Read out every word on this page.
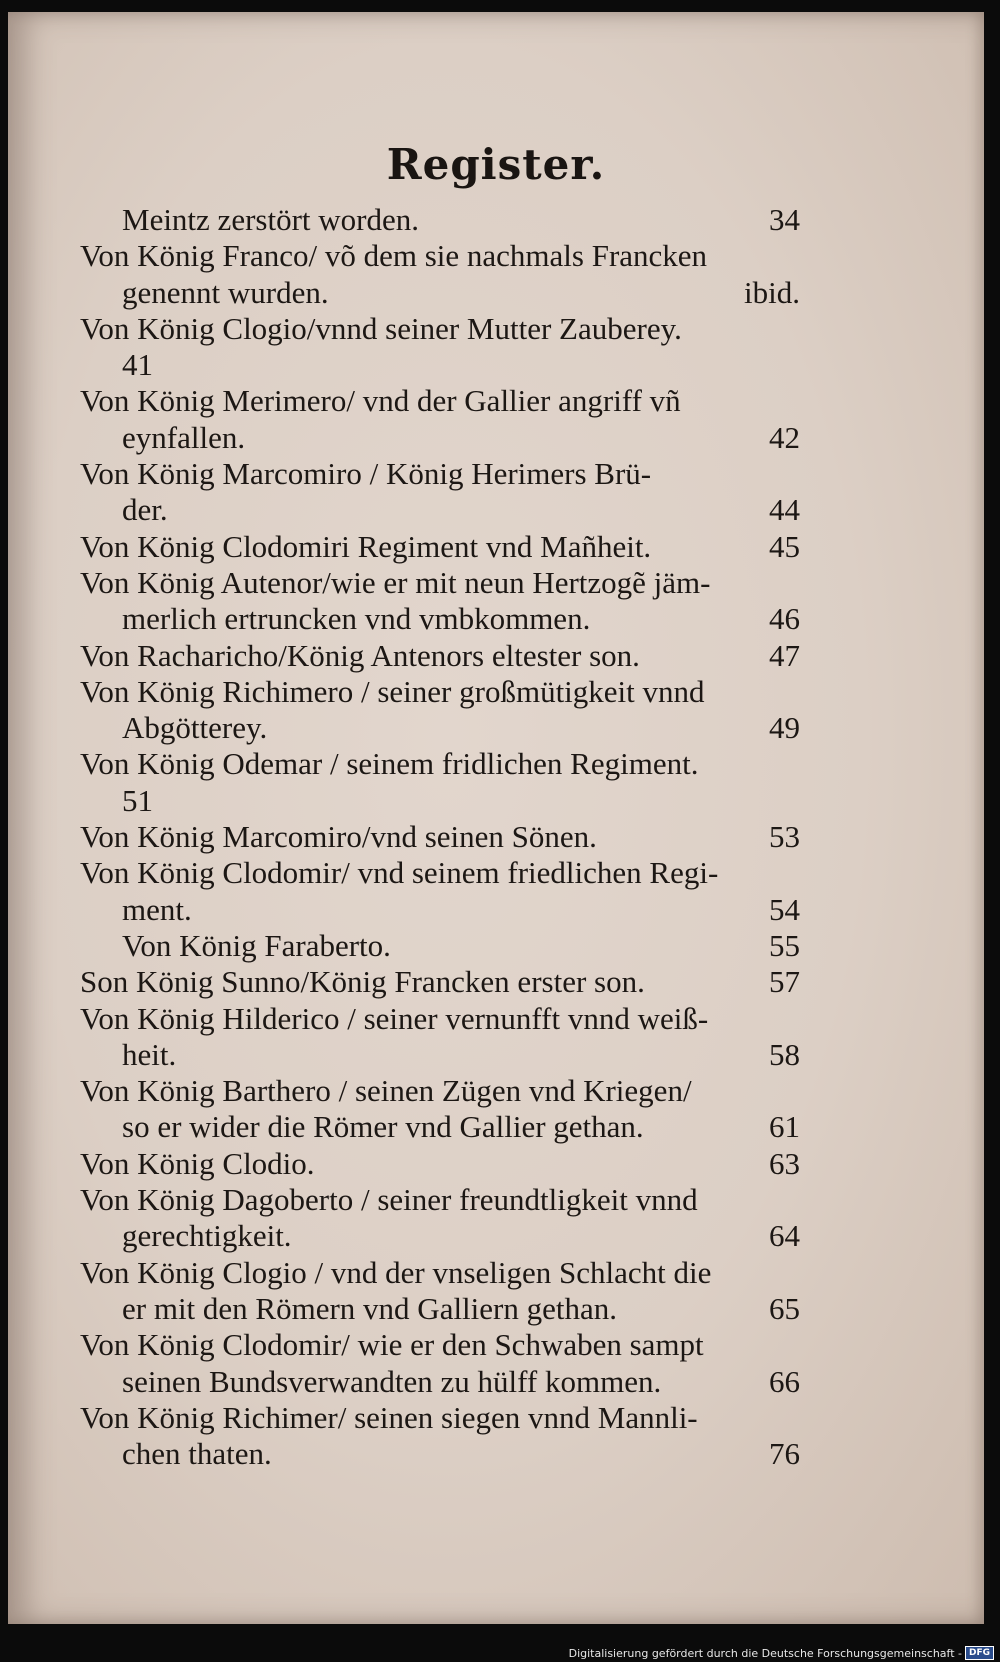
Register.
Meintz zerstört worden.	34
Von König Franco/ võ dem sie nachmals Francken
genennt wurden.	ibid.
Von König Clogio/vnnd seiner Mutter Zauberey.
41
Von König Merimero/ vnd der Gallier angriff vñ
eynfallen.	42
Von König Marcomiro / König Herimers Brü-
der.	44
Von König Clodomiri Regiment vnd Mañheit.	45
Von König Autenor/wie er mit neun Hertzogẽ jäm-
merlich ertruncken vnd vmbkommen.	46
Von Racharicho/König Antenors eltester son.	47
Von König Richimero / seiner großmütigkeit vnnd
Abgötterey.	49
Von König Odemar / seinem fridlichen Regiment.
51
Von König Marcomiro/vnd seinen Sönen.	53
Von König Clodomir/ vnd seinem friedlichen Regi-
ment.	54
Von König Faraberto.	55
Son König Sunno/König Francken erster son.	57
Von König Hilderico / seiner vernunfft vnnd weiß-
heit.	58
Von König Barthero / seinen Zügen vnd Kriegen/
so er wider die Römer vnd Gallier gethan.	61
Von König Clodio.	63
Von König Dagoberto / seiner freundtligkeit vnnd
gerechtigkeit.	64
Von König Clogio / vnd der vnseligen Schlacht die
er mit den Römern vnd Galliern gethan.	65
Von König Clodomir/ wie er den Schwaben sampt
seinen Bundsverwandten zu hülff kommen.	66
Von König Richimer/ seinen siegen vnnd Mannli-
chen thaten.	76
Digitalisierung gefördert durch die Deutsche Forschungsgemeinschaft - DFG
